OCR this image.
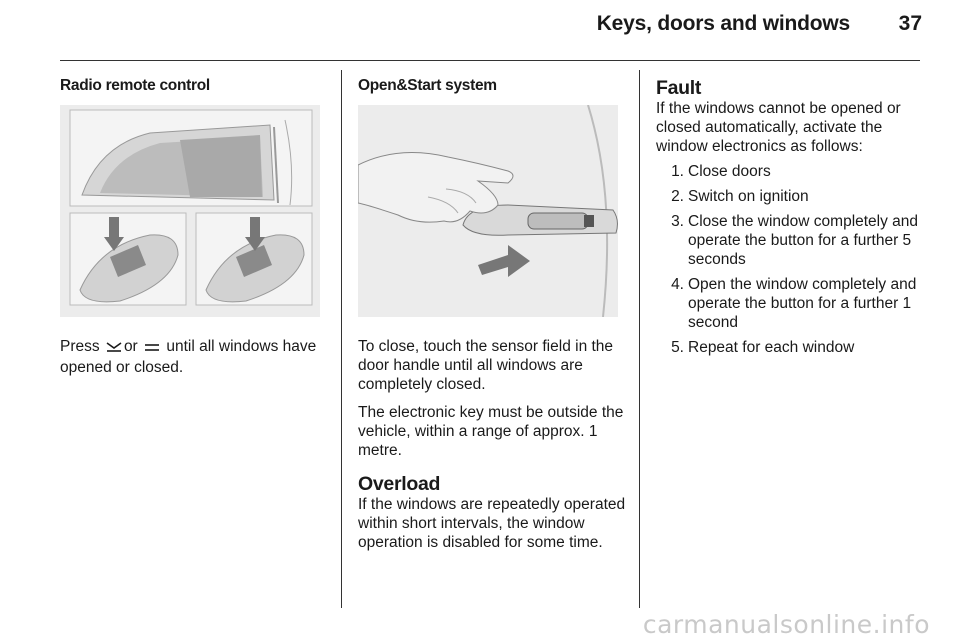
Keys, doors and windows	37
Radio remote control

Press or until all windows have opened or closed.

Open&Start system

To close, touch the sensor field in the door handle until all windows are completely closed.

The electronic key must be outside the vehicle, within a range of approx. 1 metre.

Overload

If the windows are repeatedly operated within short intervals, the window operation is disabled for some time.

Fault

If the windows cannot be opened or closed automatically, activate the window electronics as follows:

1. Close doors
2. Switch on ignition
3. Close the window completely and operate the button for a further 5 seconds
4. Open the window completely and operate the button for a further 1 second
5. Repeat for each window
carmanualsonline.info
